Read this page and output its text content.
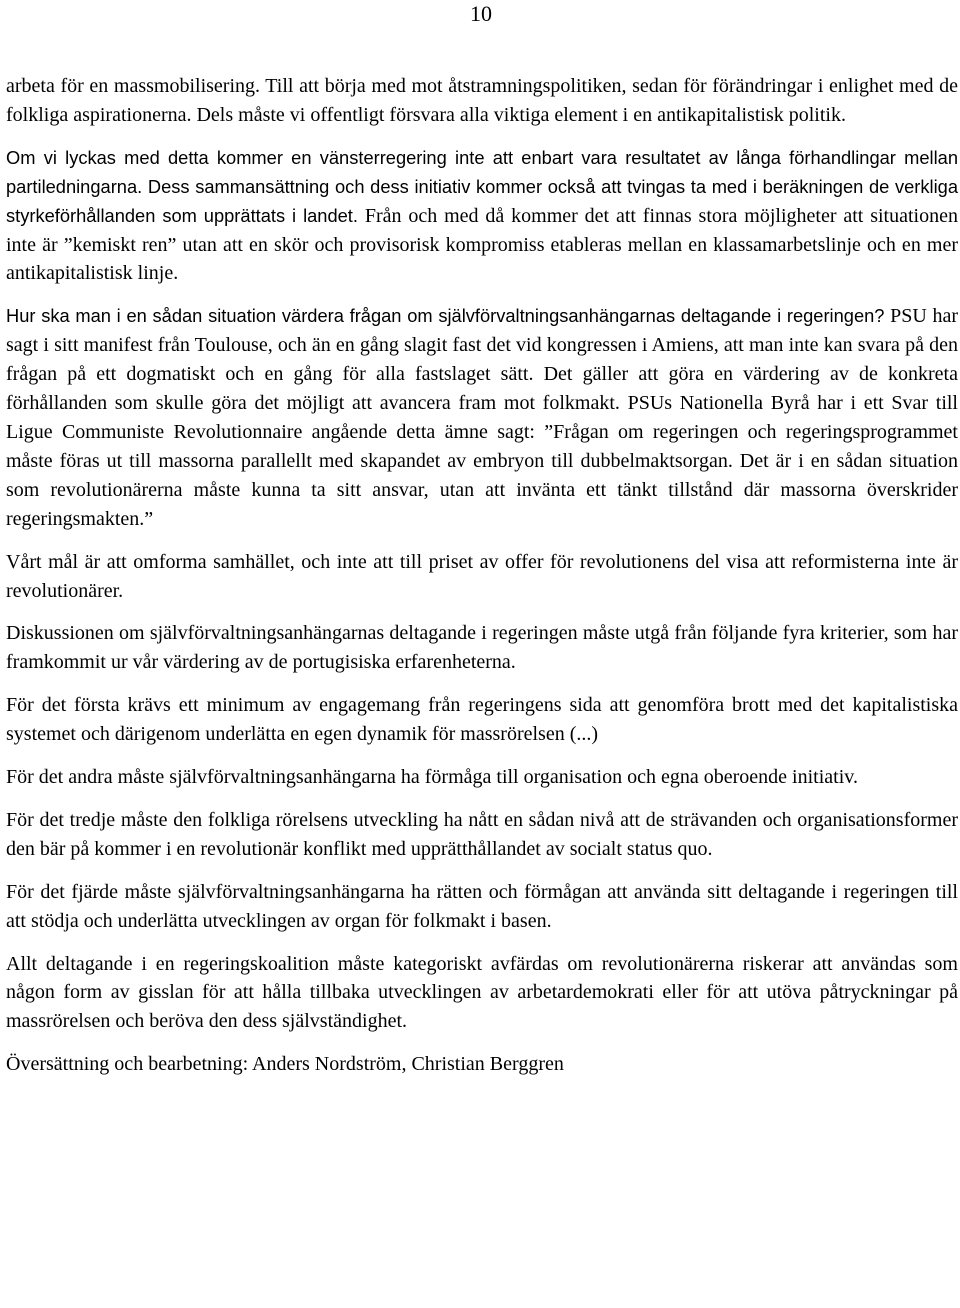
10

arbeta för en massmobilisering. Till att börja med mot åtstramningspolitiken, sedan för förändringar i enlighet med de folkliga aspirationerna. Dels måste vi offentligt försvara alla viktiga element i en antikapitalistisk politik.

Om vi lyckas med detta kommer en vänsterregering inte att enbart vara resultatet av långa förhandlingar mellan partiledningarna. Dess sammansättning och dess initiativ kommer också att tvingas ta med i beräkningen de verkliga styrkeförhållanden som upprättats i landet. Från och med då kommer det att finnas stora möjligheter att situationen inte är ”kemiskt ren” utan att en skör och provisorisk kompromiss etableras mellan en klassamarbetslinje och en mer antikapitalistisk linje.

Hur ska man i en sådan situation värdera frågan om självförvaltningsanhängarnas deltagande i regeringen? PSU har sagt i sitt manifest från Toulouse, och än en gång slagit fast det vid kongressen i Amiens, att man inte kan svara på den frågan på ett dogmatiskt och en gång för alla fastslaget sätt. Det gäller att göra en värdering av de konkreta förhållanden som skulle göra det möjligt att avancera fram mot folkmakt. PSUs Nationella Byrå har i ett Svar till Ligue Communiste Revolutionnaire angående detta ämne sagt: ”Frågan om regeringen och regeringsprogrammet måste föras ut till massorna parallellt med skapandet av embryon till dubbelmaktsorgan. Det är i en sådan situation som revolutionärerna måste kunna ta sitt ansvar, utan att invänta ett tänkt tillstånd där massorna överskrider regeringsmakten.”

Vårt mål är att omforma samhället, och inte att till priset av offer för revolutionens del visa att reformisterna inte är revolutionärer.

Diskussionen om självförvaltningsanhängarnas deltagande i regeringen måste utgå från följande fyra kriterier, som har framkommit ur vår värdering av de portugisiska erfarenheterna.

För det första krävs ett minimum av engagemang från regeringens sida att genomföra brott med det kapitalistiska systemet och därigenom underlätta en egen dynamik för massrörelsen (...)

För det andra måste självförvaltningsanhängarna ha förmåga till organisation och egna oberoende initiativ.

För det tredje måste den folkliga rörelsens utveckling ha nått en sådan nivå att de strävanden och organisationsformer den bär på kommer i en revolutionär konflikt med upprätthållandet av socialt status quo.

För det fjärde måste självförvaltningsanhängarna ha rätten och förmågan att använda sitt deltagande i regeringen till att stödja och underlätta utvecklingen av organ för folkmakt i basen.

Allt deltagande i en regeringskoalition måste kategoriskt avfärdas om revolutionärerna riskerar att användas som någon form av gisslan för att hålla tillbaka utvecklingen av arbetardemokrati eller för att utöva påtryckningar på massrörelsen och beröva den dess självständighet.

Översättning och bearbetning: Anders Nordström, Christian Berggren
